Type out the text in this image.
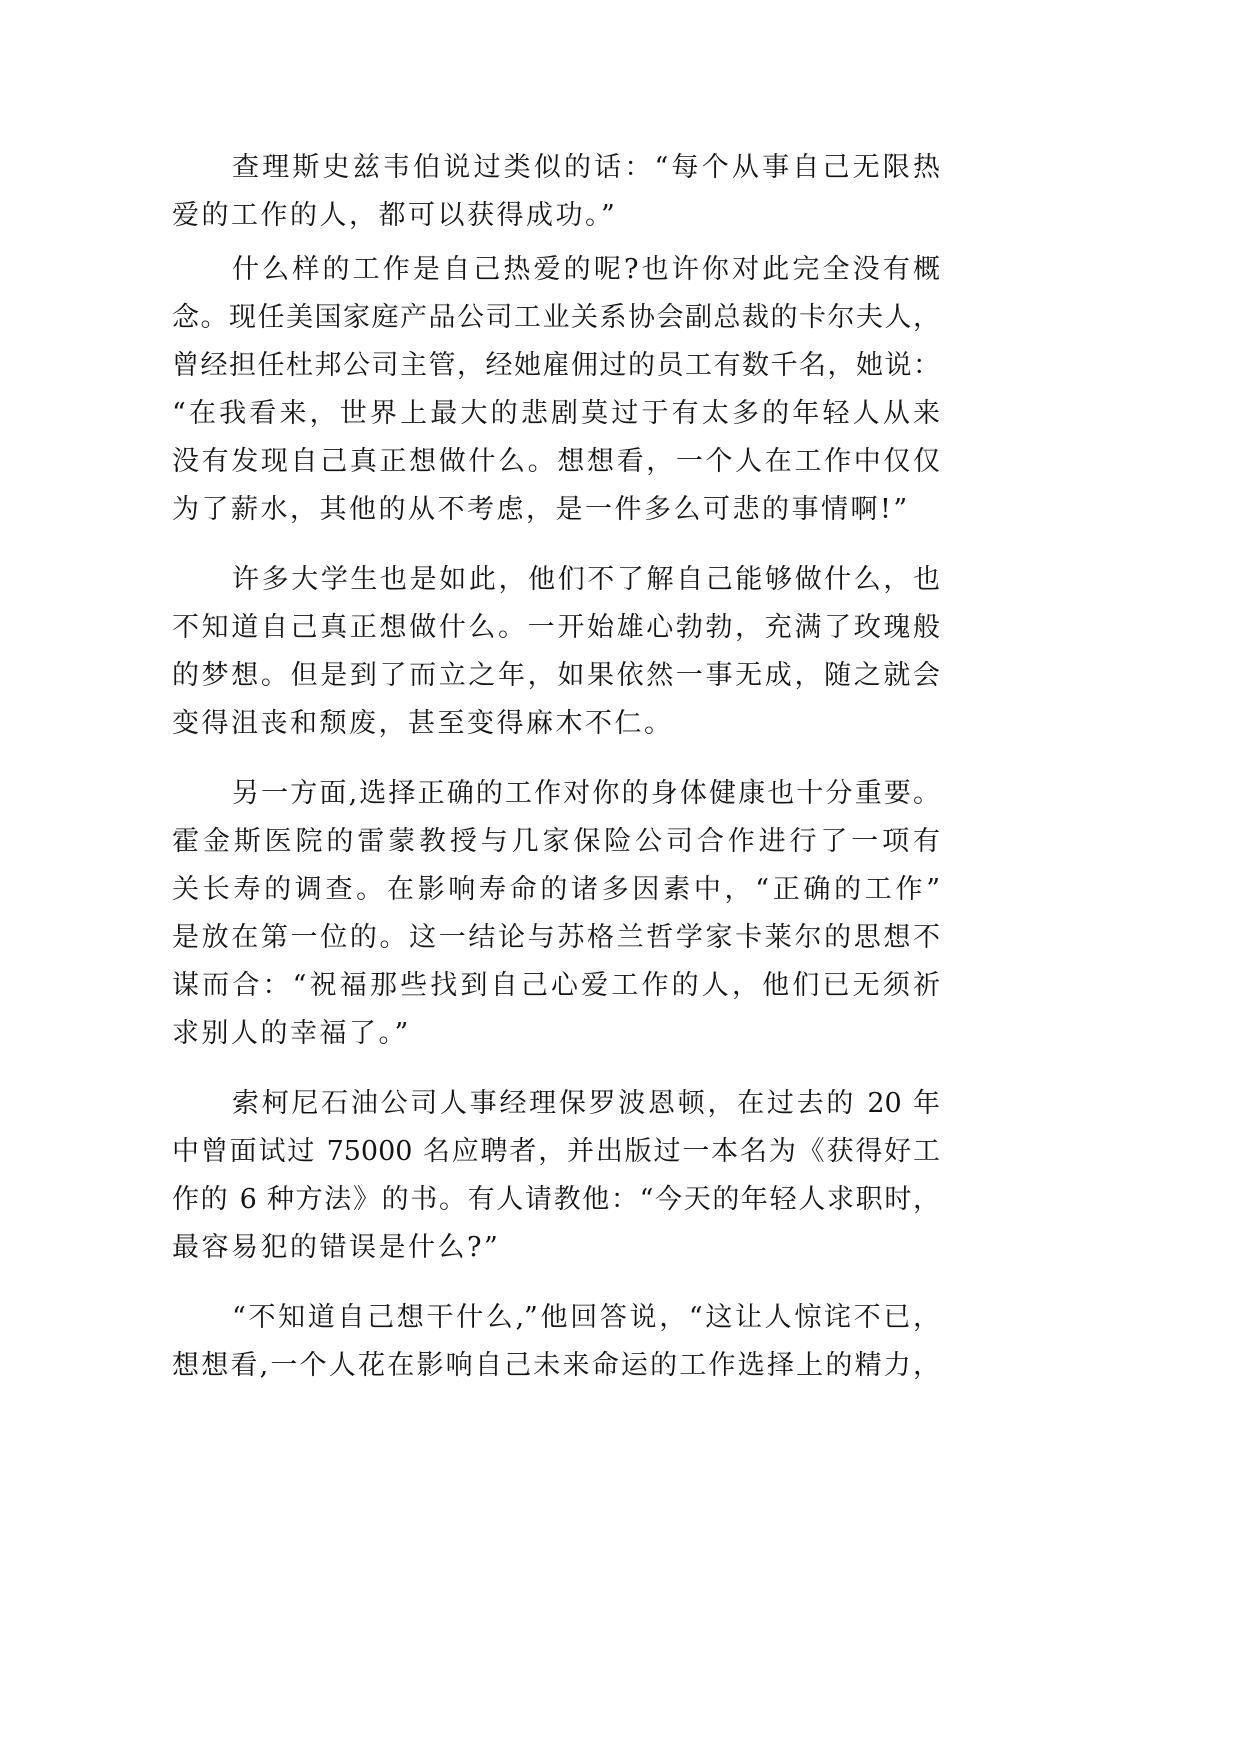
查理斯史兹韦伯说过类似的话：“每个从事自己无限热
爱的工作的人，都可以获得成功。”
什么样的工作是自己热爱的呢?也许你对此完全没有概
念。现任美国家庭产品公司工业关系协会副总裁的卡尔夫人，
曾经担任杜邦公司主管，经她雇佣过的员工有数千名，她说：
“在我看来，世界上最大的悲剧莫过于有太多的年轻人从来
没有发现自己真正想做什么。想想看，一个人在工作中仅仅
为了薪水，其他的从不考虑，是一件多么可悲的事情啊!”
许多大学生也是如此，他们不了解自己能够做什么，也
不知道自己真正想做什么。一开始雄心勃勃，充满了玫瑰般
的梦想。但是到了而立之年，如果依然一事无成，随之就会
变得沮丧和颓废，甚至变得麻木不仁。
另一方面,选择正确的工作对你的身体健康也十分重要。
霍金斯医院的雷蒙教授与几家保险公司合作进行了一项有
关长寿的调查。在影响寿命的诸多因素中，“正确的工作”
是放在第一位的。这一结论与苏格兰哲学家卡莱尔的思想不
谋而合：“祝福那些找到自己心爱工作的人，他们已无须祈
求别人的幸福了。”
索柯尼石油公司人事经理保罗波恩顿，在过去的 20 年
中曾面试过 75000 名应聘者，并出版过一本名为《获得好工
作的 6 种方法》的书。有人请教他：“今天的年轻人求职时，
最容易犯的错误是什么?”
“不知道自己想干什么,”他回答说，“这让人惊诧不已，
想想看,一个人花在影响自己未来命运的工作选择上的精力，
